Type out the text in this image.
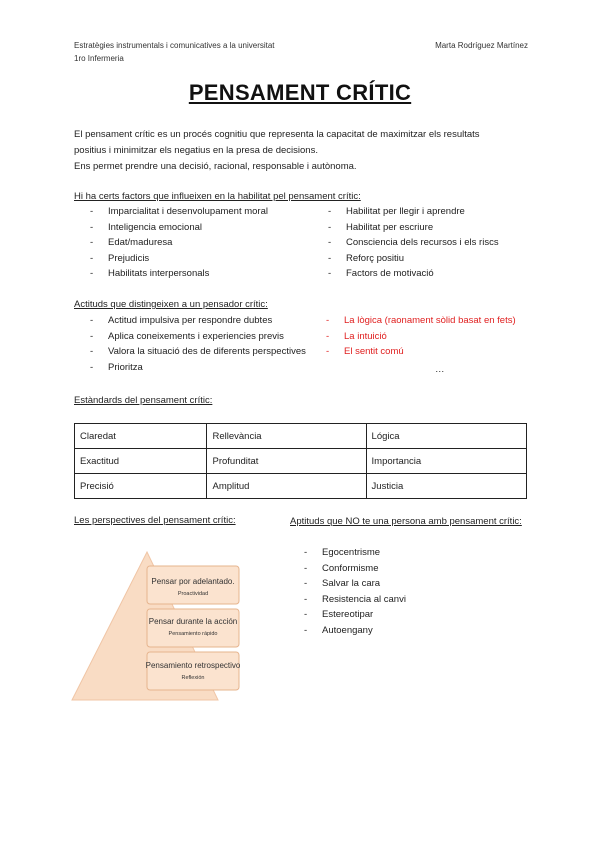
Estratègies instrumentals i comunicatives a la universitat
1ro Infermeria
Marta Rodríguez Martínez
PENSAMENT CRÍTIC
El pensament crític es un procés cognitiu que representa la capacitat de maximitzar els resultats
positius i minimitzar els negatius en la presa de decisions.
Ens permet prendre una decisió, racional, responsable i autònoma.
Hi ha certs factors que influeixen en la habilitat pel pensament crític:
- Imparcialitat i desenvolupament moral
- Inteligencia emocional
- Edat/maduresa
- Prejudicis
- Habilitats interpersonals
- Habilitat per llegir i aprendre
- Habilitat per escriure
- Consciencia dels recursos i els riscs
- Reforç positiu
- Factors de motivació
Actituds que distingeixen a un pensador crític:
- Actitud impulsiva per respondre dubtes
- Aplica coneixements i experiencies previs
- Valora la situació des de diferents perspectives
- Prioritza
- La lògica (raonament sòlid basat en fets)
- La intuició
- El sentit comú
…
Estàndards del pensament crític:
Claredat	Rellevància	Lógica
Exactitud	Profunditat	Importancia
Precisió	Amplitud	Justicia
Les perspectives del pensament crític:
Pensar por adelantado.
Proactividad
Pensar durante la acción
Pensamiento rápido
Pensamiento retrospectivo
Reflexión
Aptituds que NO te una persona amb pensament crític:
- Egocentrisme
- Conformisme
- Salvar la cara
- Resistencia al canvi
- Estereotipar
- Autoengany
